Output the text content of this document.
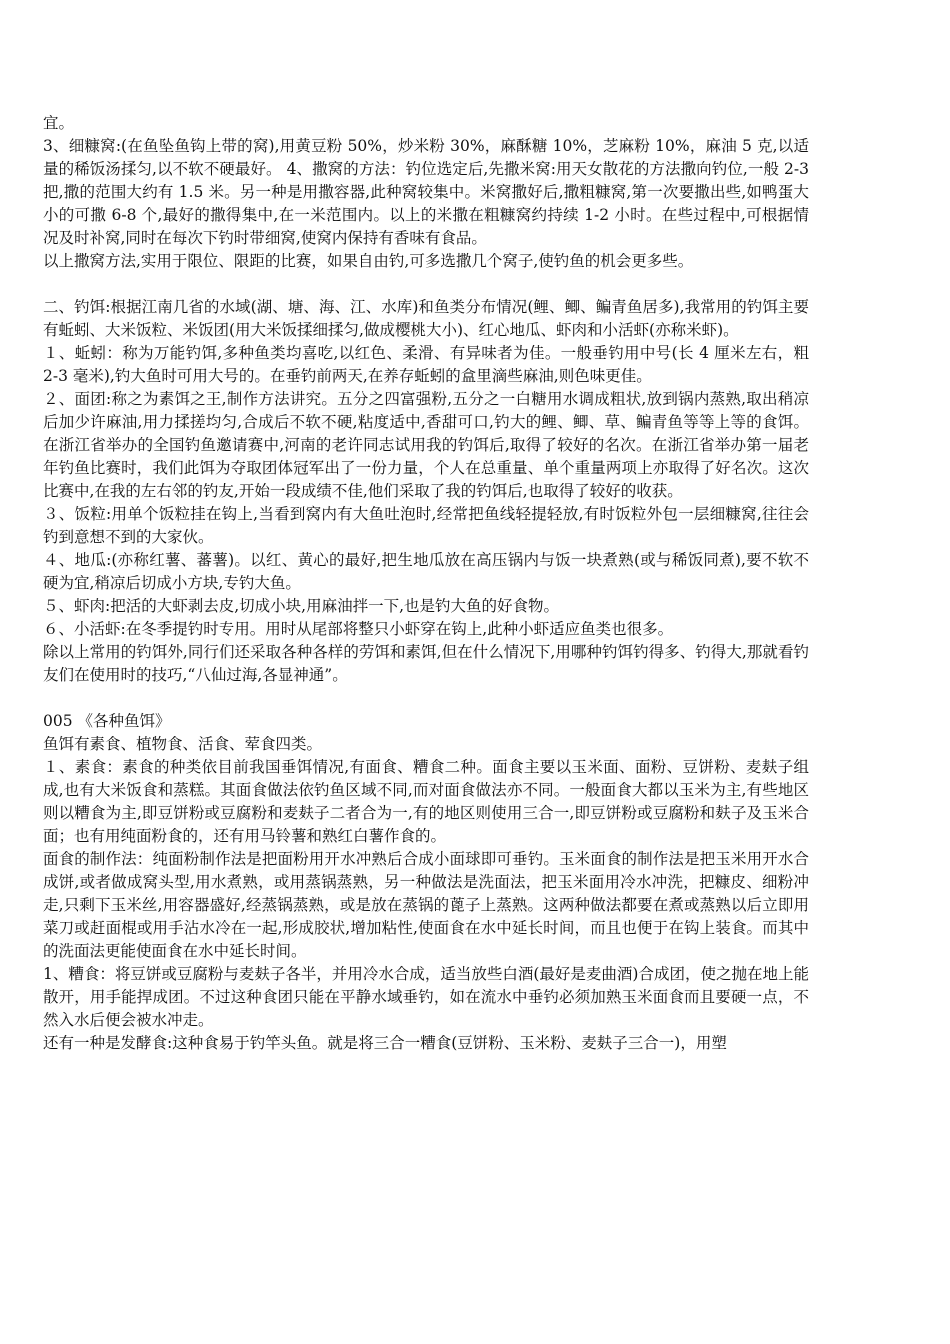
宜。

3、细糠窝:(在鱼坠鱼钩上带的窝),用黄豆粉 50%，炒米粉 30%，麻酥糖 10%，芝麻粉 10%，麻油 5 克,以适量的稀饭汤揉匀,以不软不硬最好。 4、撒窝的方法：钓位选定后,先撒米窝:用天女散花的方法撒向钓位,一般 2-3 把,撒的范围大约有 1.5 米。另一种是用撒容器,此种窝较集中。米窝撒好后,撒粗糠窝,第一次要撒出些,如鸭蛋大小的可撒 6-8 个,最好的撒得集中,在一米范围内。以上的米撒在粗糠窝约持续 1-2 小时。在些过程中,可根据情况及时补窝,同时在每次下钓时带细窝,使窝内保持有香味有食品。

以上撒窝方法,实用于限位、限距的比赛，如果自由钓,可多选撒几个窝子,使钓鱼的机会更多些。

二、钓饵:根据江南几省的水域(湖、塘、海、江、水库)和鱼类分布情况(鲤、鲫、鳊青鱼居多),我常用的钓饵主要有蚯蚓、大米饭粒、米饭团(用大米饭揉细揉匀,做成樱桃大小)、红心地瓜、虾肉和小活虾(亦称米虾)。

１、蚯蚓：称为万能钓饵,多种鱼类均喜吃,以红色、柔滑、有异味者为佳。一般垂钓用中号(长 4 厘米左右，粗 2-3 毫米),钓大鱼时可用大号的。在垂钓前两天,在养存蚯蚓的盒里滴些麻油,则色味更佳。

２、面团:称之为素饵之王,制作方法讲究。五分之四富强粉,五分之一白糖用水调成粗状,放到锅内蒸熟,取出稍凉后加少许麻油,用力揉搓均匀,合成后不软不硬,粘度适中,香甜可口,钓大的鲤、鲫、草、鳊青鱼等等上等的食饵。在浙江省举办的全国钓鱼邀请赛中,河南的老许同志试用我的钓饵后,取得了较好的名次。在浙江省举办第一届老年钓鱼比赛时，我们此饵为夺取团体冠军出了一份力量，个人在总重量、单个重量两项上亦取得了好名次。这次比赛中,在我的左右邻的钓友,开始一段成绩不佳,他们采取了我的钓饵后,也取得了较好的收获。

３、饭粒:用单个饭粒挂在钩上,当看到窝内有大鱼吐泡时,经常把鱼线轻提轻放,有时饭粒外包一层细糠窝,往往会钓到意想不到的大家伙。

４、地瓜:(亦称红薯、蕃薯)。以红、黄心的最好,把生地瓜放在高压锅内与饭一块煮熟(或与稀饭同煮),要不软不硬为宜,稍凉后切成小方块,专钓大鱼。

５、虾肉:把活的大虾剥去皮,切成小块,用麻油拌一下,也是钓大鱼的好食物。

６、小活虾:在冬季提钓时专用。用时从尾部将整只小虾穿在钩上,此种小虾适应鱼类也很多。

除以上常用的钓饵外,同行们还采取各种各样的劳饵和素饵,但在什么情况下,用哪种钓饵钓得多、钓得大,那就看钓友们在使用时的技巧,“八仙过海,各显神通”。

005 《各种鱼饵》

鱼饵有素食、植物食、活食、荤食四类。

１、素食：素食的种类依目前我国垂饵情况,有面食、糟食二种。面食主要以玉米面、面粉、豆饼粉、麦麸子组成,也有大米饭食和蒸糕。其面食做法依钓鱼区域不同,而对面食做法亦不同。一般面食大都以玉米为主,有些地区则以糟食为主,即豆饼粉或豆腐粉和麦麸子二者合为一,有的地区则使用三合一,即豆饼粉或豆腐粉和麸子及玉米合面；也有用纯面粉食的，还有用马铃薯和熟红白薯作食的。

面食的制作法：纯面粉制作法是把面粉用开水冲熟后合成小面球即可垂钓。玉米面食的制作法是把玉米用开水合成饼,或者做成窝头型,用水煮熟，或用蒸锅蒸熟，另一种做法是洗面法，把玉米面用冷水冲洗，把糠皮、细粉冲走,只剩下玉米丝,用容器盛好,经蒸锅蒸熟，或是放在蒸锅的蓖子上蒸熟。这两种做法都要在煮或蒸熟以后立即用菜刀或赶面棍或用手沾水冷在一起,形成胶状,增加粘性,使面食在水中延长时间，而且也便于在钩上装食。而其中的洗面法更能使面食在水中延长时间。

1、糟食：将豆饼或豆腐粉与麦麸子各半，并用冷水合成，适当放些白酒(最好是麦曲酒)合成团，使之抛在地上能散开，用手能捍成团。不过这种食团只能在平静水域垂钓，如在流水中垂钓必须加熟玉米面食而且要硬一点，不然入水后便会被水冲走。

还有一种是发酵食:这种食易于钓竿头鱼。就是将三合一糟食(豆饼粉、玉米粉、麦麸子三合一)，用塑
